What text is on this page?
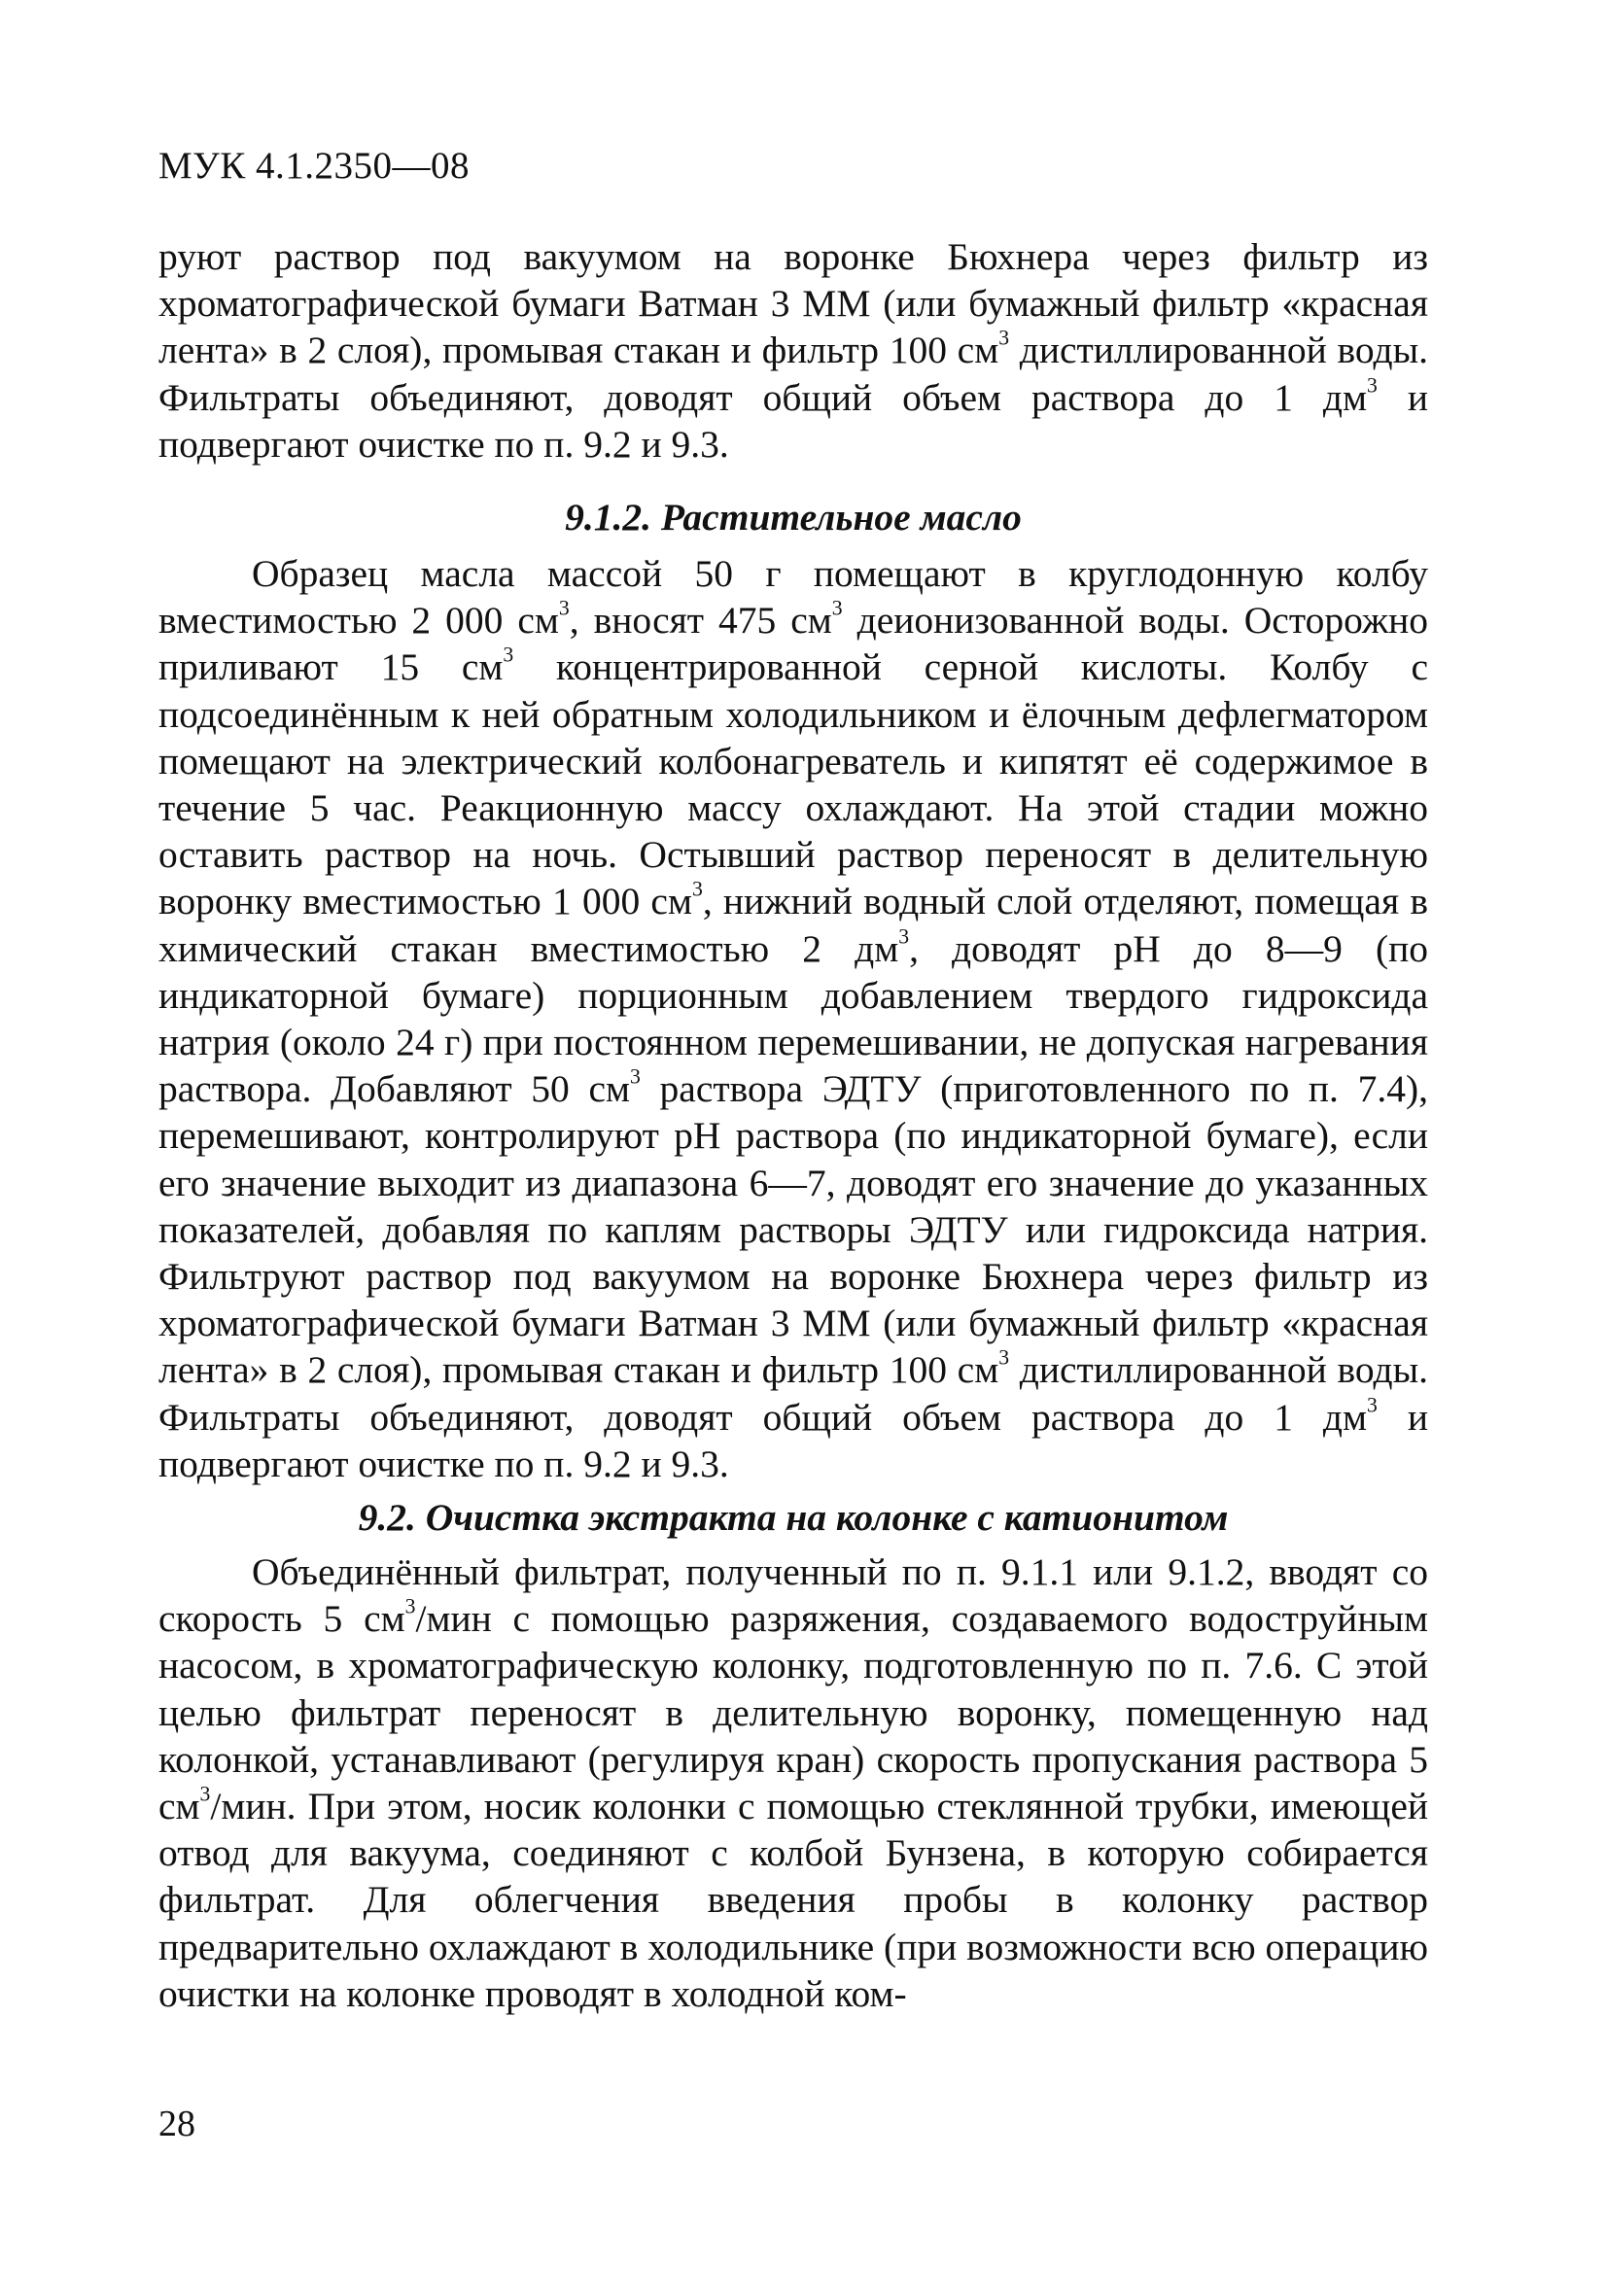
МУК 4.1.2350—08

руют раствор под вакуумом на воронке Бюхнера через фильтр из хроматографической бумаги Ватман 3 ММ (или бумажный фильтр «красная лента» в 2 слоя), промывая стакан и фильтр 100 $см^3$ дистиллированной воды. Фильтраты объединяют, доводят общий объем раствора до 1 $дм^3$ и подвергают очистке по п. 9.2 и 9.3.

9.1.2. Растительное масло

Образец масла массой 50 г помещают в круглодонную колбу вместимостью 2 000 $см^3$, вносят 475 $см^3$ деионизованной воды. Осторожно приливают 15 $см^3$ концентрированной серной кислоты. Колбу с подсоединённым к ней обратным холодильником и ёлочным дефлегматором помещают на электрический колбонагреватель и кипятят её содержимое в течение 5 час. Реакционную массу охлаждают. На этой стадии можно оставить раствор на ночь. Остывший раствор переносят в делительную воронку вместимостью 1 000 $см^3$, нижний водный слой отделяют, помещая в химический стакан вместимостью 2 $дм^3$, доводят рН до 8—9 (по индикаторной бумаге) порционным добавлением твердого гидроксида натрия (около 24 г) при постоянном перемешивании, не допуская нагревания раствора. Добавляют 50 $см^3$ раствора ЭДТУ (приготовленного по п. 7.4), перемешивают, контролируют рН раствора (по индикаторной бумаге), если его значение выходит из диапазона 6—7, доводят его значение до указанных показателей, добавляя по каплям растворы ЭДТУ или гидроксида натрия. Фильтруют раствор под вакуумом на воронке Бюхнера через фильтр из хроматографической бумаги Ватман 3 ММ (или бумажный фильтр «красная лента» в 2 слоя), промывая стакан и фильтр 100 $см^3$ дистиллированной воды. Фильтраты объединяют, доводят общий объем раствора до 1 $дм^3$ и подвергают очистке по п. 9.2 и 9.3.

9.2. Очистка экстракта на колонке с катионитом

Объединённый фильтрат, полученный по п. 9.1.1 или 9.1.2, вводят со скорость 5 $см^3$/мин с помощью разряжения, создаваемого водоструйным насосом, в хроматографическую колонку, подготовленную по п. 7.6. С этой целью фильтрат переносят в делительную воронку, помещенную над колонкой, устанавливают (регулируя кран) скорость пропускания раствора 5 $см^3$/мин. При этом, носик колонки с помощью стеклянной трубки, имеющей отвод для вакуума, соединяют с колбой Бунзена, в которую собирается фильтрат. Для облегчения введения пробы в колонку раствор предварительно охлаждают в холодильнике (при возможности всю операцию очистки на колонке проводят в холодной ком-

28
